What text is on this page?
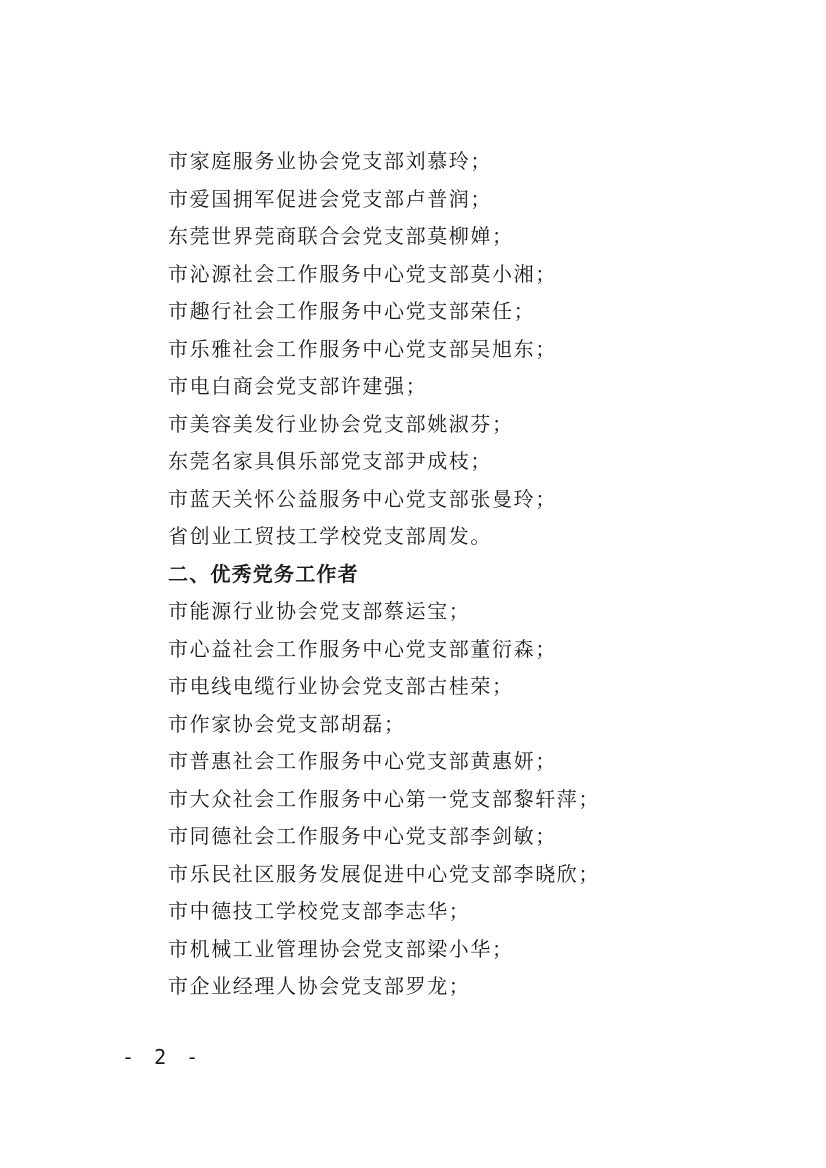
市家庭服务业协会党支部刘慕玲；
市爱国拥军促进会党支部卢普润；
东莞世界莞商联合会党支部莫柳婵；
市沁源社会工作服务中心党支部莫小湘；
市趣行社会工作服务中心党支部荣任；
市乐雅社会工作服务中心党支部吴旭东；
市电白商会党支部许建强；
市美容美发行业协会党支部姚淑芬；
东莞名家具俱乐部党支部尹成枝；
市蓝天关怀公益服务中心党支部张曼玲；
省创业工贸技工学校党支部周发。
二、优秀党务工作者
市能源行业协会党支部蔡运宝；
市心益社会工作服务中心党支部董衍森；
市电线电缆行业协会党支部古桂荣；
市作家协会党支部胡磊；
市普惠社会工作服务中心党支部黄惠妍；
市大众社会工作服务中心第一党支部黎轩萍；
市同德社会工作服务中心党支部李剑敏；
市乐民社区服务发展促进中心党支部李晓欣；
市中德技工学校党支部李志华；
市机械工业管理协会党支部梁小华；
市企业经理人协会党支部罗龙；
- 2 -
